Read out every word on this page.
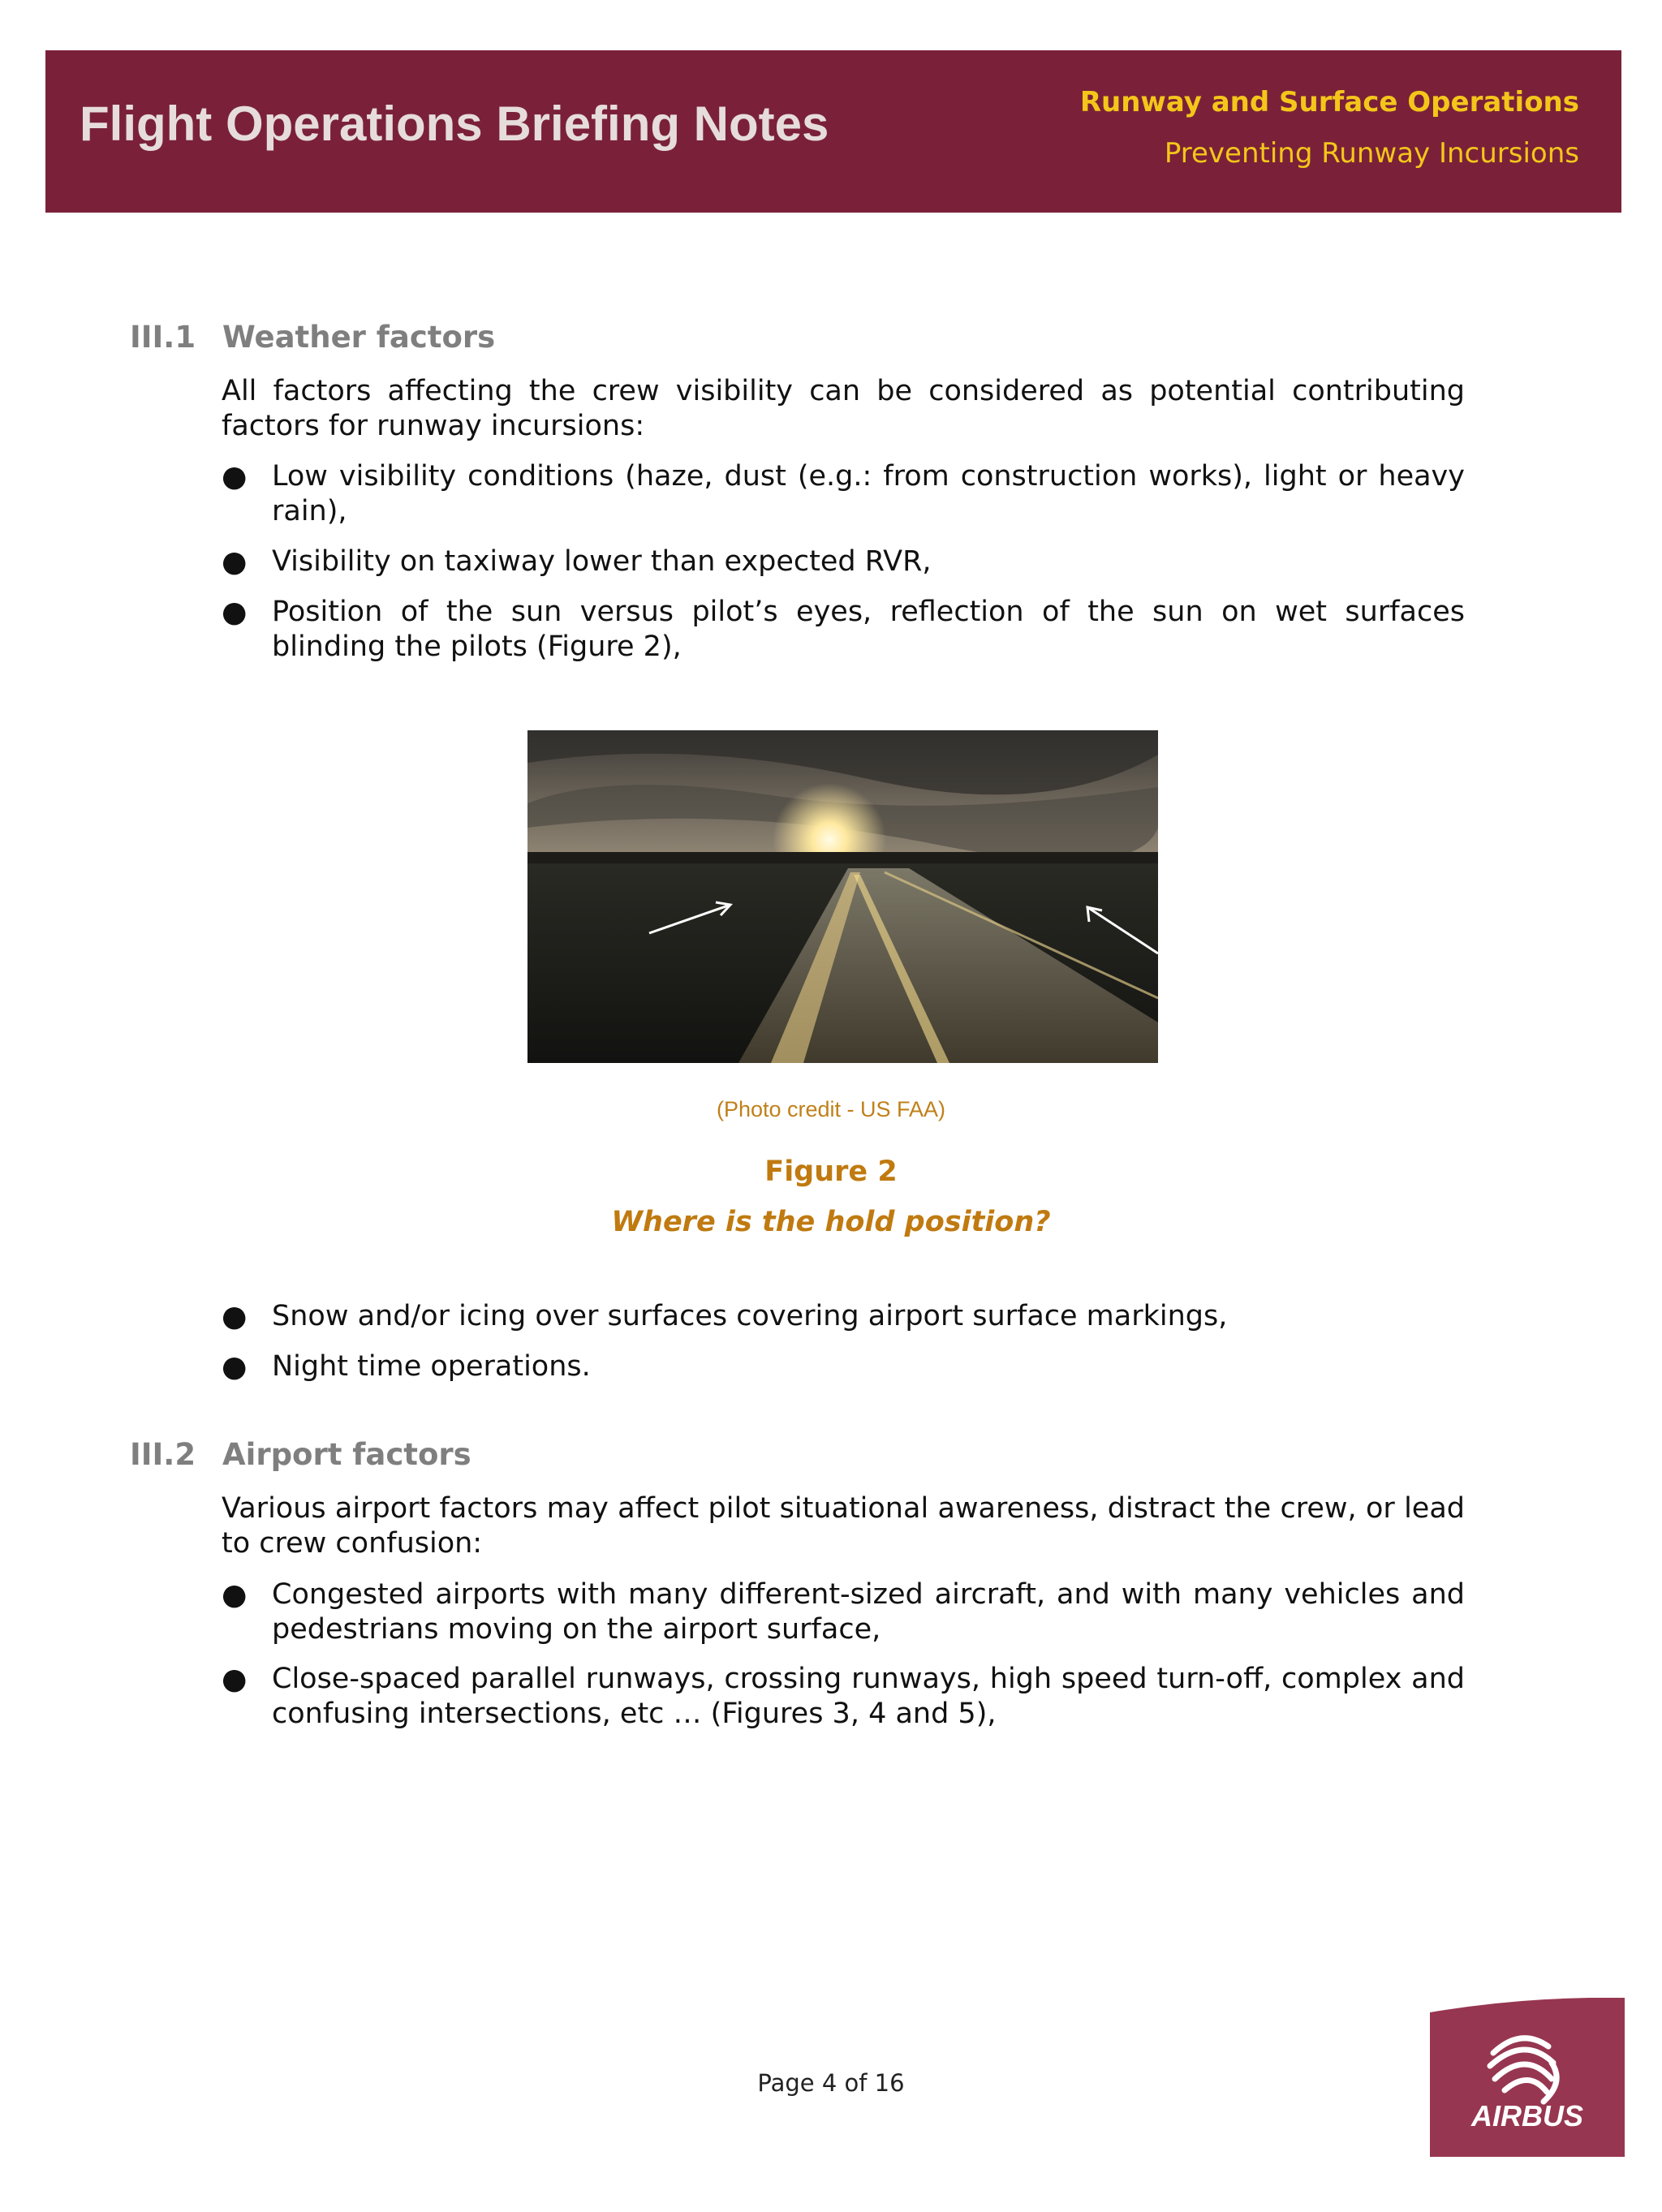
Flight Operations Briefing Notes	Runway and Surface Operations
Preventing Runway Incursions
III.1 Weather factors

All factors affecting the crew visibility can be considered as potential contributing factors for runway incursions:

● Low visibility conditions (haze, dust (e.g.: from construction works), light or heavy rain),
● Visibility on taxiway lower than expected RVR,
● Position of the sun versus pilot’s eyes, reflection of the sun on wet surfaces blinding the pilots (Figure 2),
(Photo credit - US FAA)
Figure 2
Where is the hold position?
● Snow and/or icing over surfaces covering airport surface markings,
● Night time operations.
III.2 Airport factors

Various airport factors may affect pilot situational awareness, distract the crew, or lead to crew confusion:

● Congested airports with many different-sized aircraft, and with many vehicles and pedestrians moving on the airport surface,
● Close-spaced parallel runways, crossing runways, high speed turn-off, complex and confusing intersections, etc … (Figures 3, 4 and 5),
Page 4 of 16
AIRBUS
